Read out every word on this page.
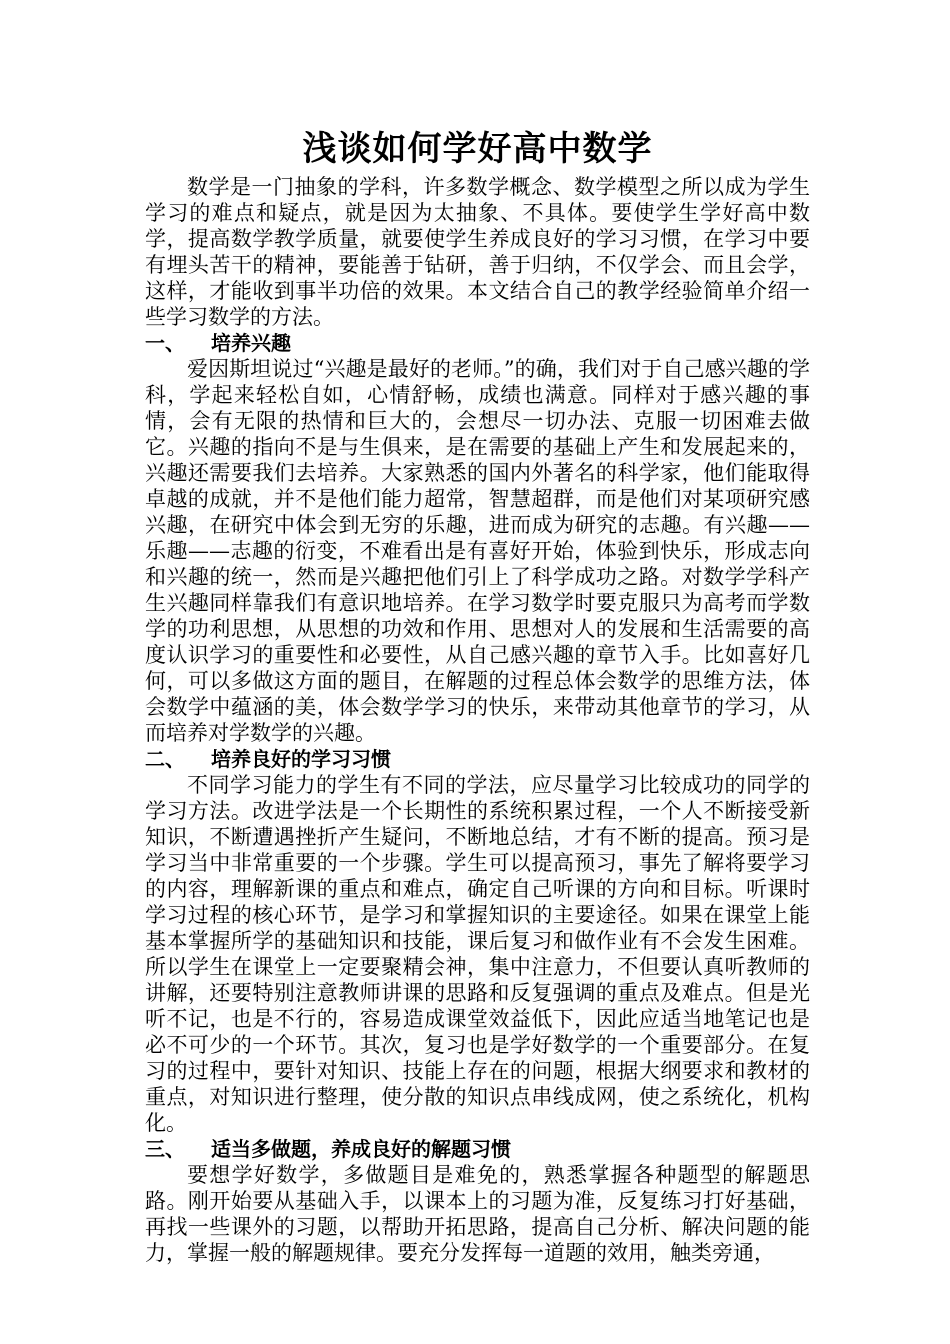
浅谈如何学好高中数学

数学是一门抽象的学科，许多数学概念、数学模型之所以成为学生学习的难点和疑点，就是因为太抽象、不具体。要使学生学好高中数学，提高数学教学质量，就要使学生养成良好的学习习惯，在学习中要有埋头苦干的精神，要能善于钻研，善于归纳，不仅学会、而且会学，这样，才能收到事半功倍的效果。本文结合自己的教学经验简单介绍一些学习数学的方法。

一、 培养兴趣

爱因斯坦说过“兴趣是最好的老师。”的确，我们对于自己感兴趣的学科，学起来轻松自如，心情舒畅，成绩也满意。同样对于感兴趣的事情，会有无限的热情和巨大的，会想尽一切办法、克服一切困难去做它。兴趣的指向不是与生俱来，是在需要的基础上产生和发展起来的，兴趣还需要我们去培养。大家熟悉的国内外著名的科学家，他们能取得卓越的成就，并不是他们能力超常，智慧超群，而是他们对某项研究感兴趣，在研究中体会到无穷的乐趣，进而成为研究的志趣。有兴趣——乐趣——志趣的衍变，不难看出是有喜好开始，体验到快乐，形成志向和兴趣的统一，然而是兴趣把他们引上了科学成功之路。对数学学科产生兴趣同样靠我们有意识地培养。在学习数学时要克服只为高考而学数学的功利思想，从思想的功效和作用、思想对人的发展和生活需要的高度认识学习的重要性和必要性，从自己感兴趣的章节入手。比如喜好几何，可以多做这方面的题目，在解题的过程总体会数学的思维方法，体会数学中蕴涵的美，体会数学学习的快乐，来带动其他章节的学习，从而培养对学数学的兴趣。

二、 培养良好的学习习惯

不同学习能力的学生有不同的学法，应尽量学习比较成功的同学的学习方法。改进学法是一个长期性的系统积累过程，一个人不断接受新知识，不断遭遇挫折产生疑问，不断地总结，才有不断的提高。预习是学习当中非常重要的一个步骤。学生可以提高预习，事先了解将要学习的内容，理解新课的重点和难点，确定自己听课的方向和目标。听课时学习过程的核心环节，是学习和掌握知识的主要途径。如果在课堂上能基本掌握所学的基础知识和技能，课后复习和做作业有不会发生困难。所以学生在课堂上一定要聚精会神，集中注意力，不但要认真听教师的讲解，还要特别注意教师讲课的思路和反复强调的重点及难点。但是光听不记，也是不行的，容易造成课堂效益低下，因此应适当地笔记也是必不可少的一个环节。其次，复习也是学好数学的一个重要部分。在复习的过程中，要针对知识、技能上存在的问题，根据大纲要求和教材的重点，对知识进行整理，使分散的知识点串线成网，使之系统化，机构化。

三、 适当多做题，养成良好的解题习惯

要想学好数学，多做题目是难免的，熟悉掌握各种题型的解题思路。刚开始要从基础入手，以课本上的习题为准，反复练习打好基础，再找一些课外的习题，以帮助开拓思路，提高自己分析、解决问题的能力，掌握一般的解题规律。要充分发挥每一道题的效用，触类旁通，
